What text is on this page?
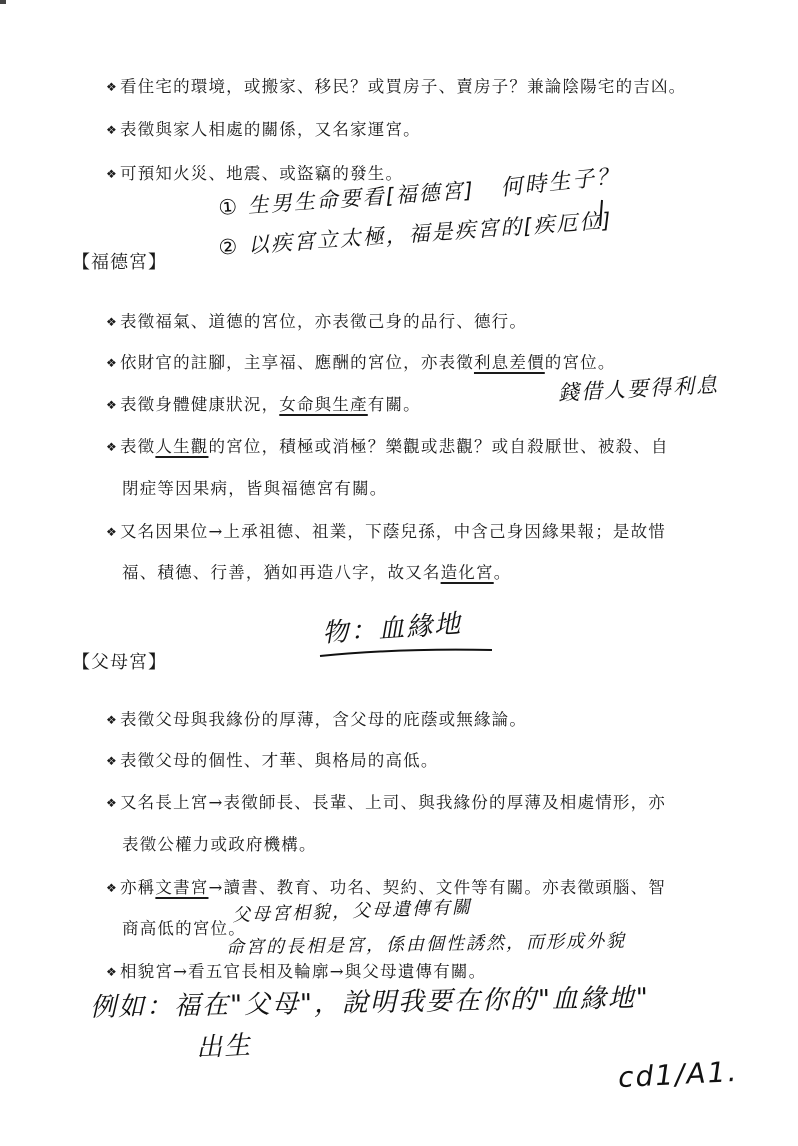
❖ 看住宅的環境，或搬家、移民？或買房子、賣房子？兼論陰陽宅的吉凶。
❖ 表徵與家人相處的關係，又名家運宮。
❖ 可預知火災、地震、或盜竊的發生。
【福德宮】
❖ 表徵福氣、道德的宮位，亦表徵己身的品行、德行。
❖ 依財官的註腳，主享福、應酬的宮位，亦表徵利息差價的宮位。
❖ 表徵身體健康狀況，女命與生產有關。
❖ 表徵人生觀的宮位，積極或消極？樂觀或悲觀？或自殺厭世、被殺、自
閉症等因果病，皆與福德宮有關。
❖ 又名因果位→上承祖德、祖業，下蔭兒孫，中含己身因緣果報；是故惜
福、積德、行善，猶如再造八字，故又名造化宮。
【父母宮】
❖ 表徵父母與我緣份的厚薄，含父母的庇蔭或無緣論。
❖ 表徵父母的個性、才華、與格局的高低。
❖ 又名長上宮→表徵師長、長輩、上司、與我緣份的厚薄及相處情形，亦
表徵公權力或政府機構。
❖ 亦稱文書宮→讀書、教育、功名、契約、文件等有關。亦表徵頭腦、智
商高低的宮位。
❖ 相貌宮→看五官長相及輪廓→與父母遺傳有關。
① 生男生命要看[福德宮] 何時生子？
② 以疾宮立太極，福是疾宮的[疾厄位]
錢借人要得利息
物：血緣地
父母宮相貌，父母遺傳有關
命宮的長相是宮，係由個性誘然，而形成外貌
例如：福在"父母"，說明我要在你的"血緣地"
出生
cd1/A1.
